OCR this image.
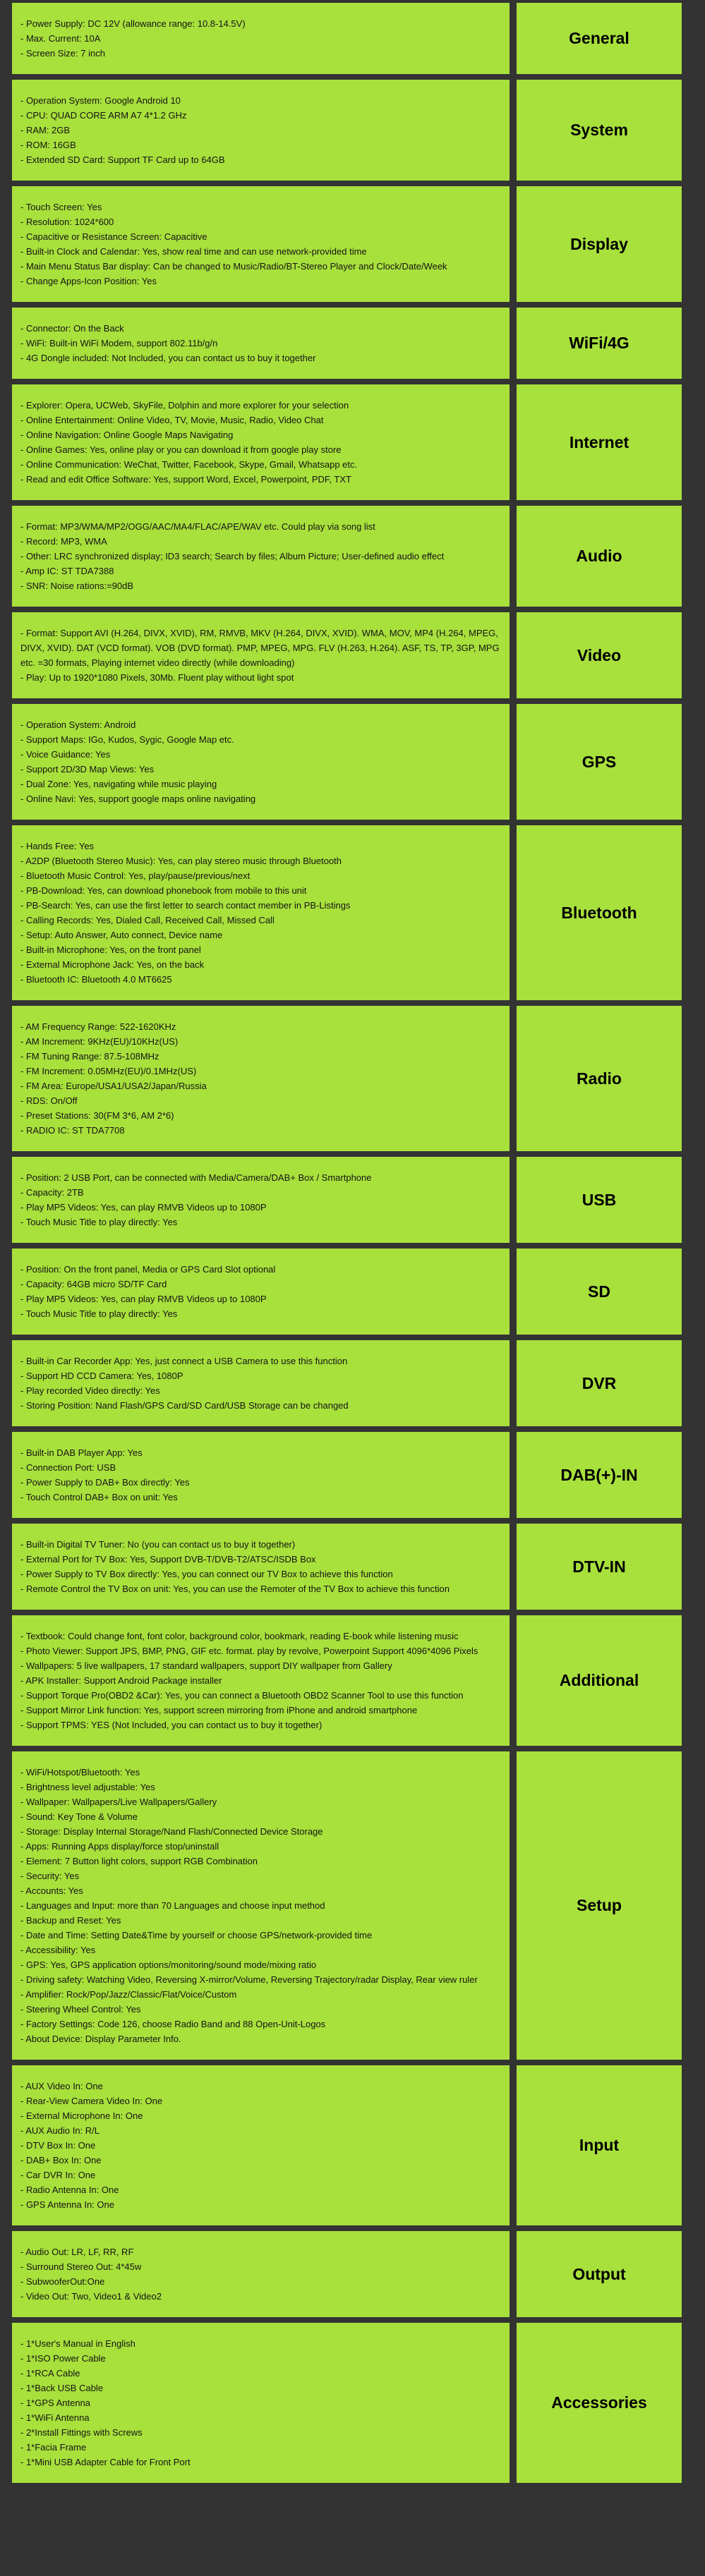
- Power Supply: DC 12V (allowance range: 10.8-14.5V)
- Max. Current: 10A
- Screen Size: 7 inch
General
- Operation System: Google Android 10
- CPU: QUAD CORE ARM A7 4*1.2 GHz
- RAM: 2GB
- ROM: 16GB
- Extended SD Card: Support TF Card up to 64GB
System
- Touch Screen: Yes
- Resolution: 1024*600
- Capacitive or Resistance Screen: Capacitive
- Built-in Clock and Calendar: Yes, show real time and can use network-provided time
- Main Menu Status Bar display: Can be changed to Music/Radio/BT-Stereo Player and Clock/Date/Week
- Change Apps-Icon Position: Yes
Display
- Connector: On the Back
- WiFi: Built-in WiFi Modem, support 802.11b/g/n
- 4G Dongle included: Not Included, you can contact us to buy it together
WiFi/4G
- Explorer: Opera, UCWeb, SkyFile, Dolphin and more explorer for your selection
- Online Entertainment: Online Video, TV, Movie, Music, Radio, Video Chat
- Online Navigation: Online Google Maps Navigating
- Online Games: Yes, online play or you can download it from google play store
- Online Communication: WeChat, Twitter, Facebook, Skype, Gmail, Whatsapp etc.
- Read and edit Office Software: Yes, support Word, Excel, Powerpoint, PDF, TXT
Internet
- Format: MP3/WMA/MP2/OGG/AAC/MA4/FLAC/APE/WAV etc. Could play via song list
- Record: MP3, WMA
- Other: LRC synchronized display; ID3 search; Search by files; Album Picture; User-defined audio effect
- Amp IC: ST TDA7388
- SNR: Noise rations:=90dB
Audio
- Format: Support AVI (H.264, DIVX, XVID), RM, RMVB, MKV (H.264, DIVX, XVID). WMA, MOV, MP4 (H.264, MPEG, DIVX, XVID). DAT (VCD format). VOB (DVD format). PMP, MPEG, MPG. FLV (H.263, H.264). ASF, TS, TP, 3GP, MPG etc. =30 formats, Playing internet video directly (while downloading)
- Play: Up to 1920*1080 Pixels, 30Mb. Fluent play without light spot
Video
- Operation System: Android
- Support Maps: IGo, Kudos, Sygic, Google Map etc.
- Voice Guidance: Yes
- Support 2D/3D Map Views: Yes
- Dual Zone: Yes, navigating while music playing
- Online Navi: Yes, support google maps online navigating
GPS
- Hands Free: Yes
- A2DP (Bluetooth Stereo Music): Yes, can play stereo music through Bluetooth
- Bluetooth Music Control: Yes, play/pause/previous/next
- PB-Download: Yes, can download phonebook from mobile to this unit
- PB-Search: Yes, can use the first letter to search contact member in PB-Listings
- Calling Records: Yes, Dialed Call, Received Call, Missed Call
- Setup: Auto Answer, Auto connect, Device name
- Built-in Microphone: Yes, on the front panel
- External Microphone Jack: Yes, on the back
- Bluetooth IC: Bluetooth 4.0 MT6625
Bluetooth
- AM Frequency Range: 522-1620KHz
- AM Increment: 9KHz(EU)/10KHz(US)
- FM Tuning Range: 87.5-108MHz
- FM Increment: 0.05MHz(EU)/0.1MHz(US)
- FM Area: Europe/USA1/USA2/Japan/Russia
- RDS: On/Off
- Preset Stations: 30(FM 3*6, AM 2*6)
- RADIO IC: ST TDA7708
Radio
- Position: 2 USB Port, can be connected with Media/Camera/DAB+ Box / Smartphone
- Capacity: 2TB
- Play MP5 Videos: Yes, can play RMVB Videos up to 1080P
- Touch Music Title to play directly: Yes
USB
- Position: On the front panel, Media or GPS Card Slot optional
- Capacity: 64GB micro SD/TF Card
- Play MP5 Videos: Yes, can play RMVB Videos up to 1080P
- Touch Music Title to play directly: Yes
SD
- Built-in Car Recorder App: Yes, just connect a USB Camera to use this function
- Support HD CCD Camera: Yes, 1080P
- Play recorded Video directly: Yes
- Storing Position: Nand Flash/GPS Card/SD Card/USB Storage can be changed
DVR
- Built-in DAB Player App: Yes
- Connection Port: USB
- Power Supply to DAB+ Box directly: Yes
- Touch Control DAB+ Box on unit: Yes
DAB(+)-IN
- Built-in Digital TV Tuner: No (you can contact us to buy it together)
- External Port for TV Box: Yes, Support DVB-T/DVB-T2/ATSC/ISDB Box
- Power Supply to TV Box directly: Yes, you can connect our TV Box to achieve this function
- Remote Control the TV Box on unit: Yes, you can use the Remoter of the TV Box to achieve this function
DTV-IN
- Textbook: Could change font, font color, background color, bookmark, reading E-book while listening music
- Photo Viewer: Support JPS, BMP, PNG, GIF etc. format. play by revolve, Powerpoint Support 4096*4096 Pixels
- Wallpapers: 5 live wallpapers, 17 standard wallpapers, support DIY wallpaper from Gallery
- APK Installer: Support Android Package installer
- Support Torque Pro(OBD2 &Car): Yes, you can connect a Bluetooth OBD2 Scanner Tool to use this function
- Support Mirror Link function: Yes, support screen mirroring from iPhone and android smartphone
- Support TPMS: YES (Not Included, you can contact us to buy it together)
Additional
- WiFi/Hotspot/Bluetooth: Yes
- Brightness level adjustable: Yes
- Wallpaper: Wallpapers/Live Wallpapers/Gallery
- Sound: Key Tone & Volume
- Storage: Display Internal Storage/Nand Flash/Connected Device Storage
- Apps: Running Apps display/force stop/uninstall
- Element: 7 Button light colors, support RGB Combination
- Security: Yes
- Accounts: Yes
- Languages and Input: more than 70 Languages and choose input method
- Backup and Reset: Yes
- Date and Time: Setting Date&Time by yourself or choose GPS/network-provided time
- Accessibility: Yes
- GPS: Yes, GPS application options/monitoring/sound mode/mixing ratio
- Driving safety: Watching Video, Reversing X-mirror/Volume, Reversing Trajectory/radar Display, Rear view ruler
- Amplifier: Rock/Pop/Jazz/Classic/Flat/Voice/Custom
- Steering Wheel Control: Yes
- Factory Settings: Code 126, choose Radio Band and 88 Open-Unit-Logos
- About Device: Display Parameter Info.
Setup
- AUX Video In: One
- Rear-View Camera Video In: One
- External Microphone In: One
- AUX Audio In: R/L
- DTV Box In: One
- DAB+ Box In: One
- Car DVR In: One
- Radio Antenna In: One
- GPS Antenna In: One
Input
- Audio Out: LR, LF, RR, RF
- Surround Stereo Out: 4*45w
- SubwooferOut:One
- Video Out: Two, Video1 & Video2
Output
- 1*User's Manual in English
- 1*ISO Power Cable
- 1*RCA Cable
- 1*Back USB Cable
- 1*GPS Antenna
- 1*WiFi Antenna
- 2*Install Fittings with Screws
- 1*Facia Frame
- 1*Mini USB Adapter Cable for Front Port
Accessories
